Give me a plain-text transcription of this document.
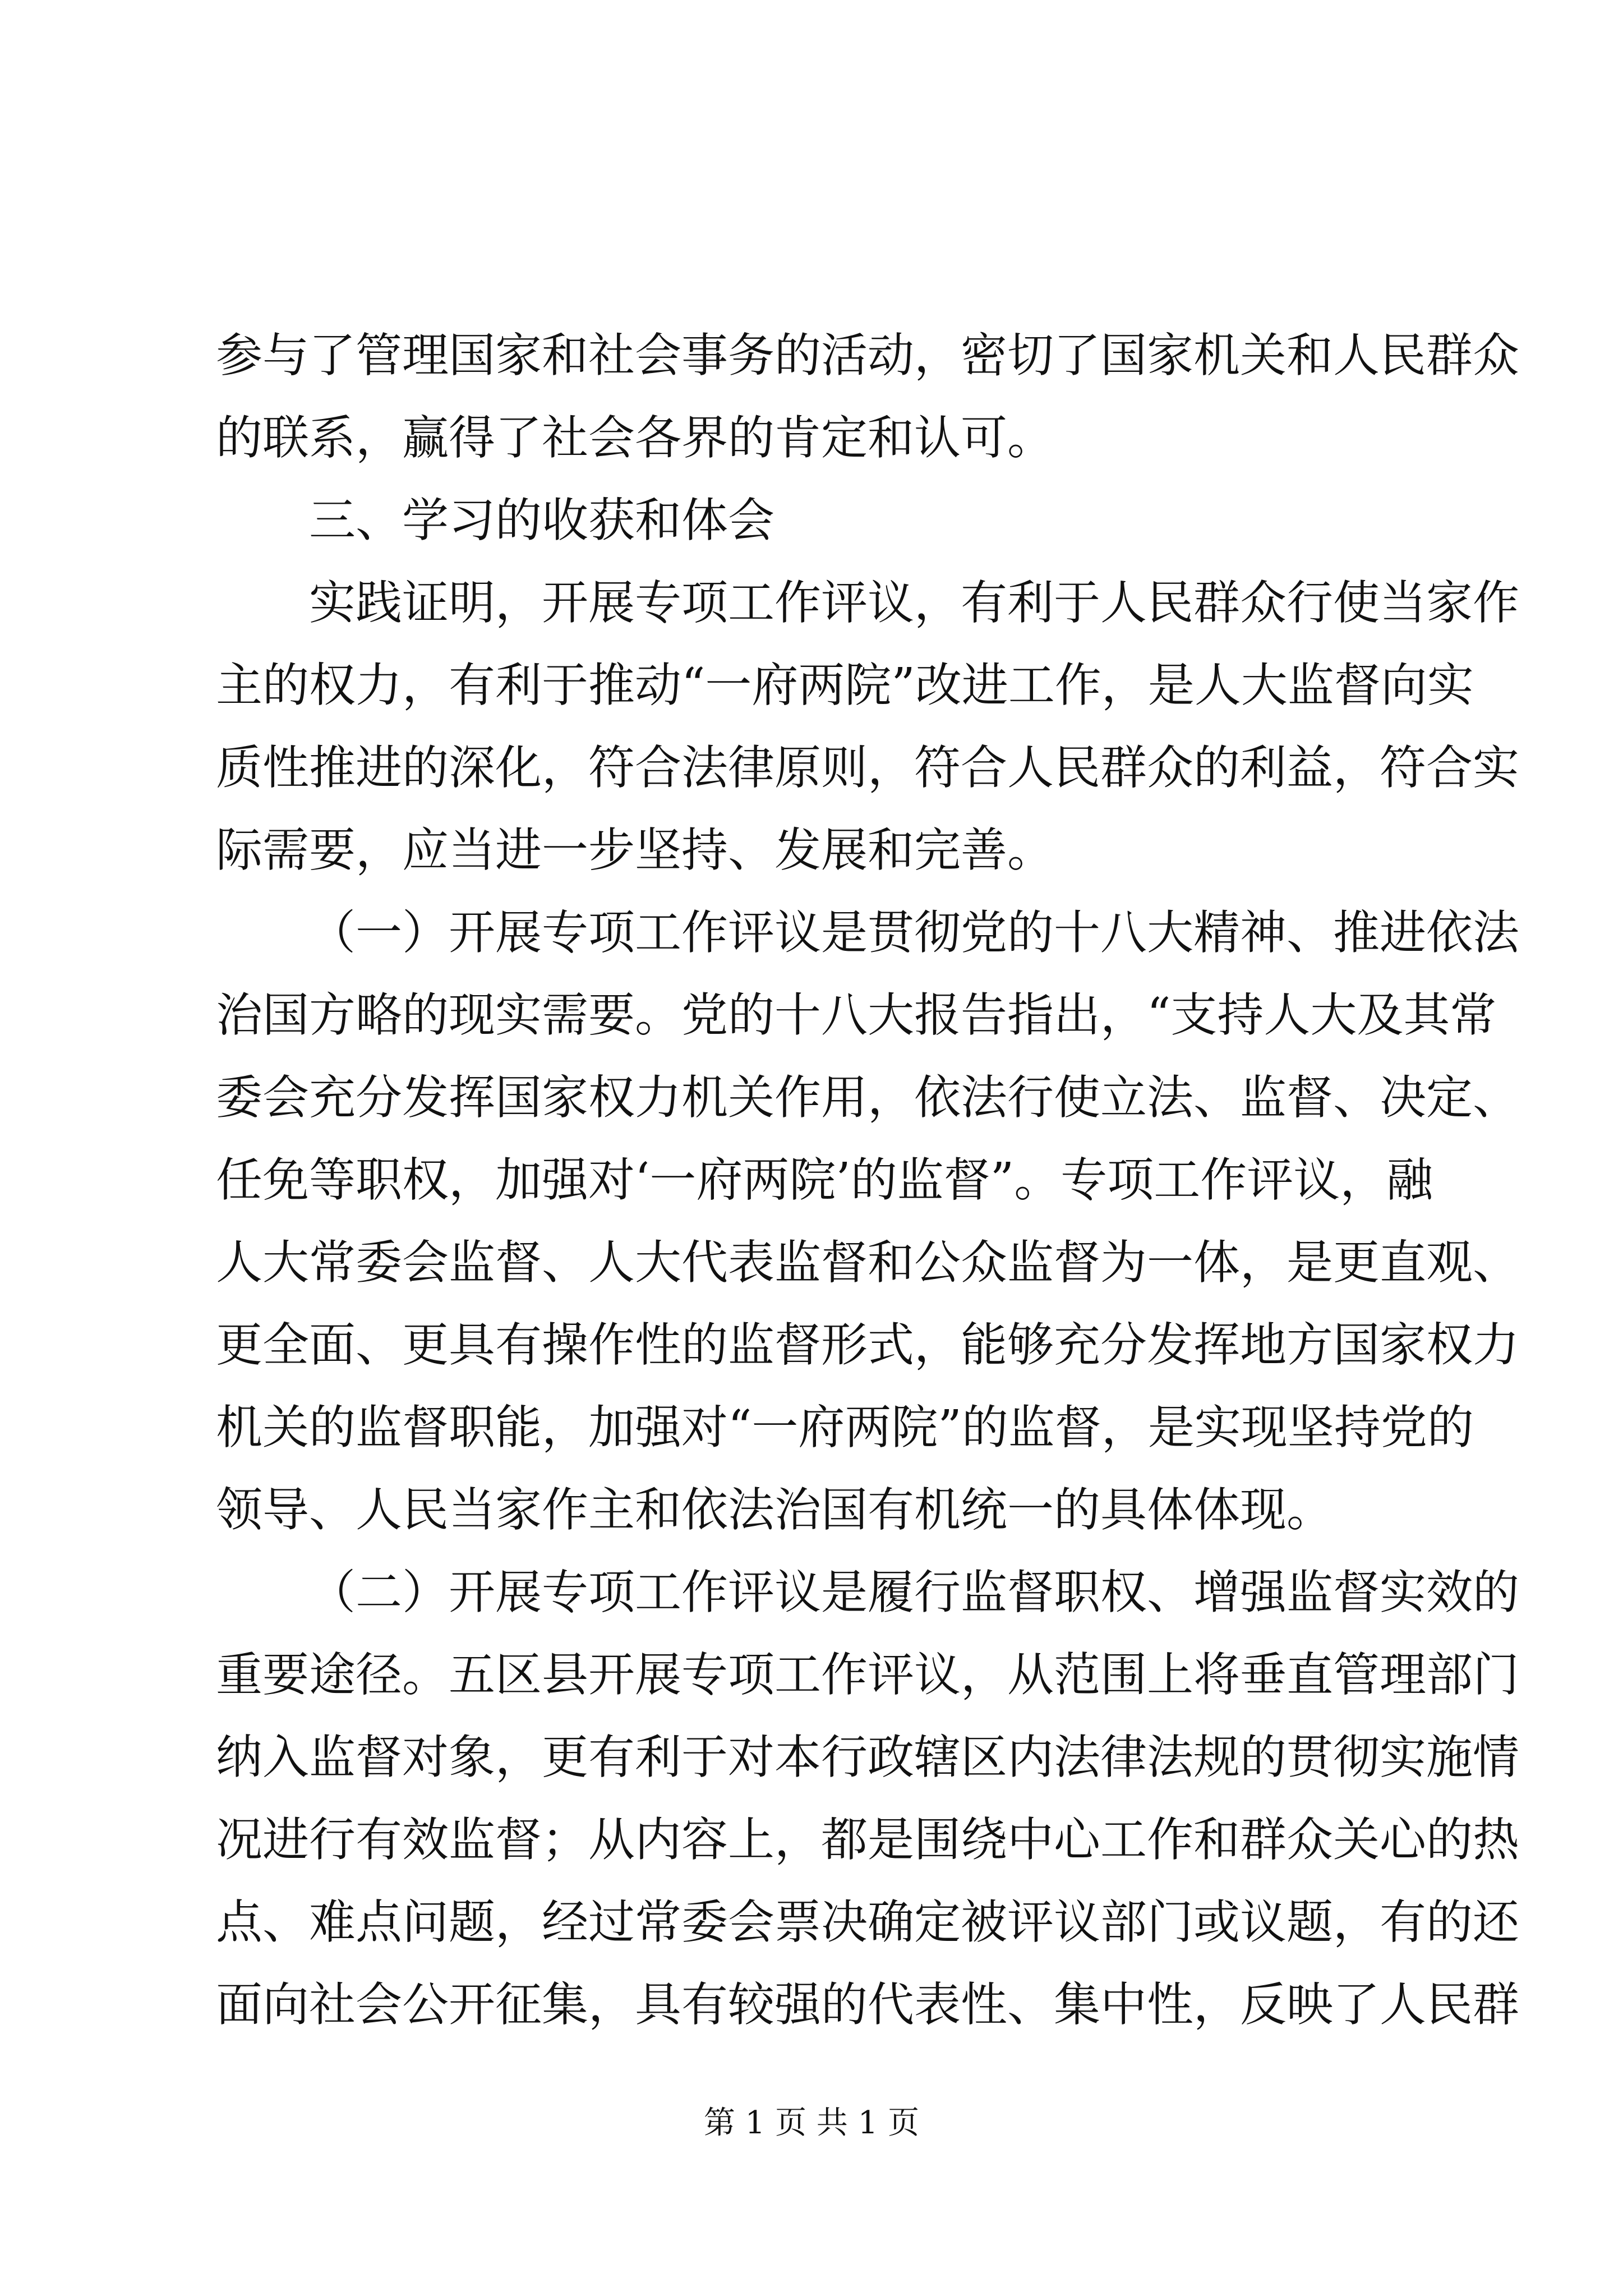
参与了管理国家和社会事务的活动，密切了国家机关和人民群众
的联系，赢得了社会各界的肯定和认可。
三、学习的收获和体会
实践证明，开展专项工作评议，有利于人民群众行使当家作
主的权力，有利于推动“一府两院”改进工作，是人大监督向实
质性推进的深化，符合法律原则，符合人民群众的利益，符合实
际需要，应当进一步坚持、发展和完善。
（一）开展专项工作评议是贯彻党的十八大精神、推进依法
治国方略的现实需要。党的十八大报告指出，“支持人大及其常
委会充分发挥国家权力机关作用，依法行使立法、监督、决定、
任免等职权，加强对‘一府两院’的监督”。专项工作评议，融
人大常委会监督、人大代表监督和公众监督为一体，是更直观、
更全面、更具有操作性的监督形式，能够充分发挥地方国家权力
机关的监督职能，加强对“一府两院”的监督，是实现坚持党的
领导、人民当家作主和依法治国有机统一的具体体现。
（二）开展专项工作评议是履行监督职权、增强监督实效的
重要途径。五区县开展专项工作评议，从范围上将垂直管理部门
纳入监督对象，更有利于对本行政辖区内法律法规的贯彻实施情
况进行有效监督；从内容上，都是围绕中心工作和群众关心的热
点、难点问题，经过常委会票决确定被评议部门或议题，有的还
面向社会公开征集，具有较强的代表性、集中性，反映了人民群
第 1 页 共 1 页
